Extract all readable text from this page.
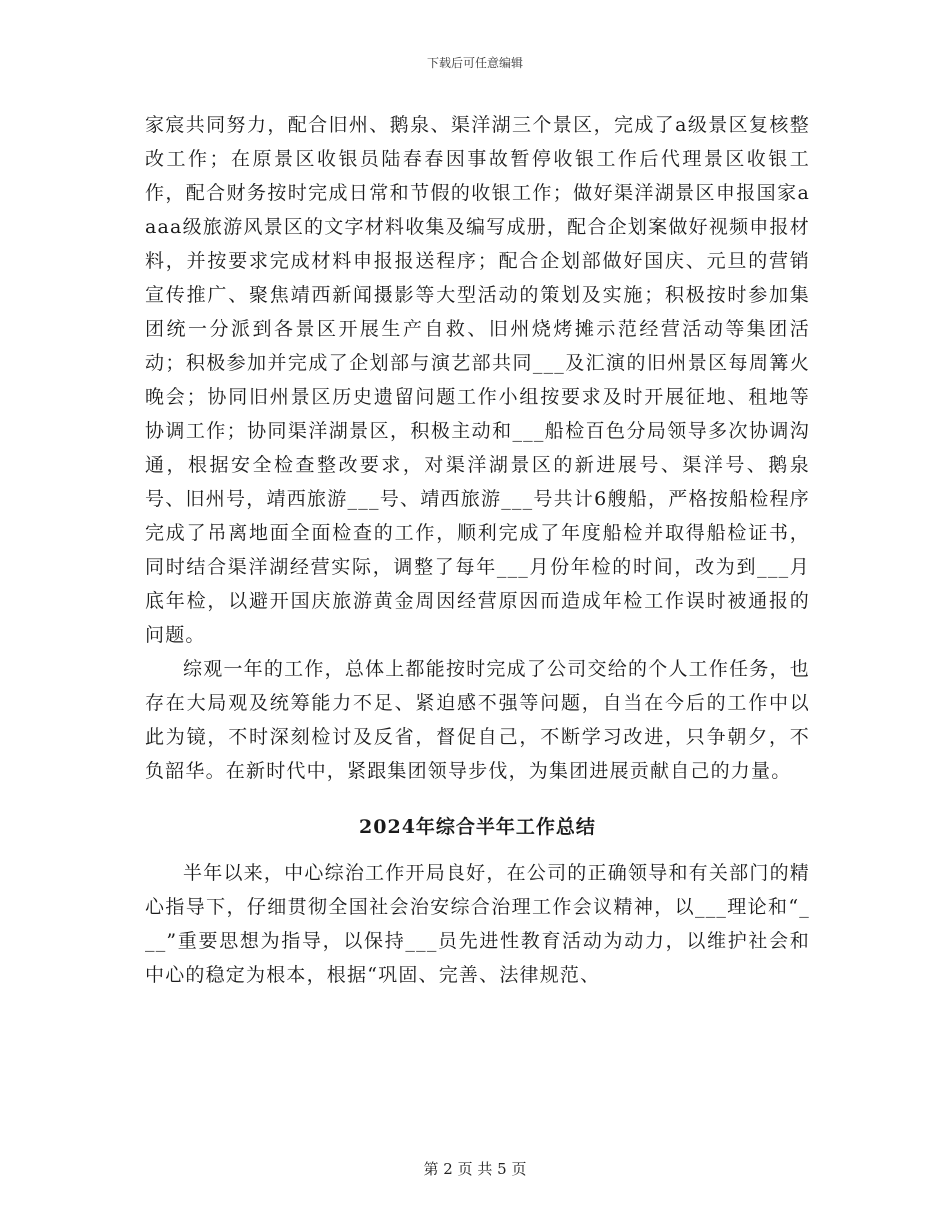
下载后可任意编辑

家宸共同努力，配合旧州、鹅泉、渠洋湖三个景区，完成了a级景区复核整改工作；在原景区收银员陆春春因事故暂停收银工作后代理景区收银工作，配合财务按时完成日常和节假的收银工作；做好渠洋湖景区申报国家aaaa级旅游风景区的文字材料收集及编写成册，配合企划案做好视频申报材料，并按要求完成材料申报报送程序；配合企划部做好国庆、元旦的营销宣传推广、聚焦靖西新闻摄影等大型活动的策划及实施；积极按时参加集团统一分派到各景区开展生产自救、旧州烧烤摊示范经营活动等集团活动；积极参加并完成了企划部与演艺部共同___及汇演的旧州景区每周篝火晚会；协同旧州景区历史遗留问题工作小组按要求及时开展征地、租地等协调工作；协同渠洋湖景区，积极主动和___船检百色分局领导多次协调沟通，根据安全检查整改要求，对渠洋湖景区的新进展号、渠洋号、鹅泉号、旧州号，靖西旅游___号、靖西旅游___号共计6艘船，严格按船检程序完成了吊离地面全面检查的工作，顺利完成了年度船检并取得船检证书，同时结合渠洋湖经营实际，调整了每年___月份年检的时间，改为到___月底年检，以避开国庆旅游黄金周因经营原因而造成年检工作误时被通报的问题。

综观一年的工作，总体上都能按时完成了公司交给的个人工作任务，也存在大局观及统筹能力不足、紧迫感不强等问题，自当在今后的工作中以此为镜，不时深刻检讨及反省，督促自己，不断学习改进，只争朝夕，不负韶华。在新时代中，紧跟集团领导步伐，为集团进展贡献自己的力量。

2024年综合半年工作总结

半年以来，中心综治工作开局良好，在公司的正确领导和有关部门的精心指导下，仔细贯彻全国社会治安综合治理工作会议精神，以___理论和“___”重要思想为指导，以保持___员先进性教育活动为动力，以维护社会和中心的稳定为根本，根据“巩固、完善、法律规范、

第 2 页 共 5 页
